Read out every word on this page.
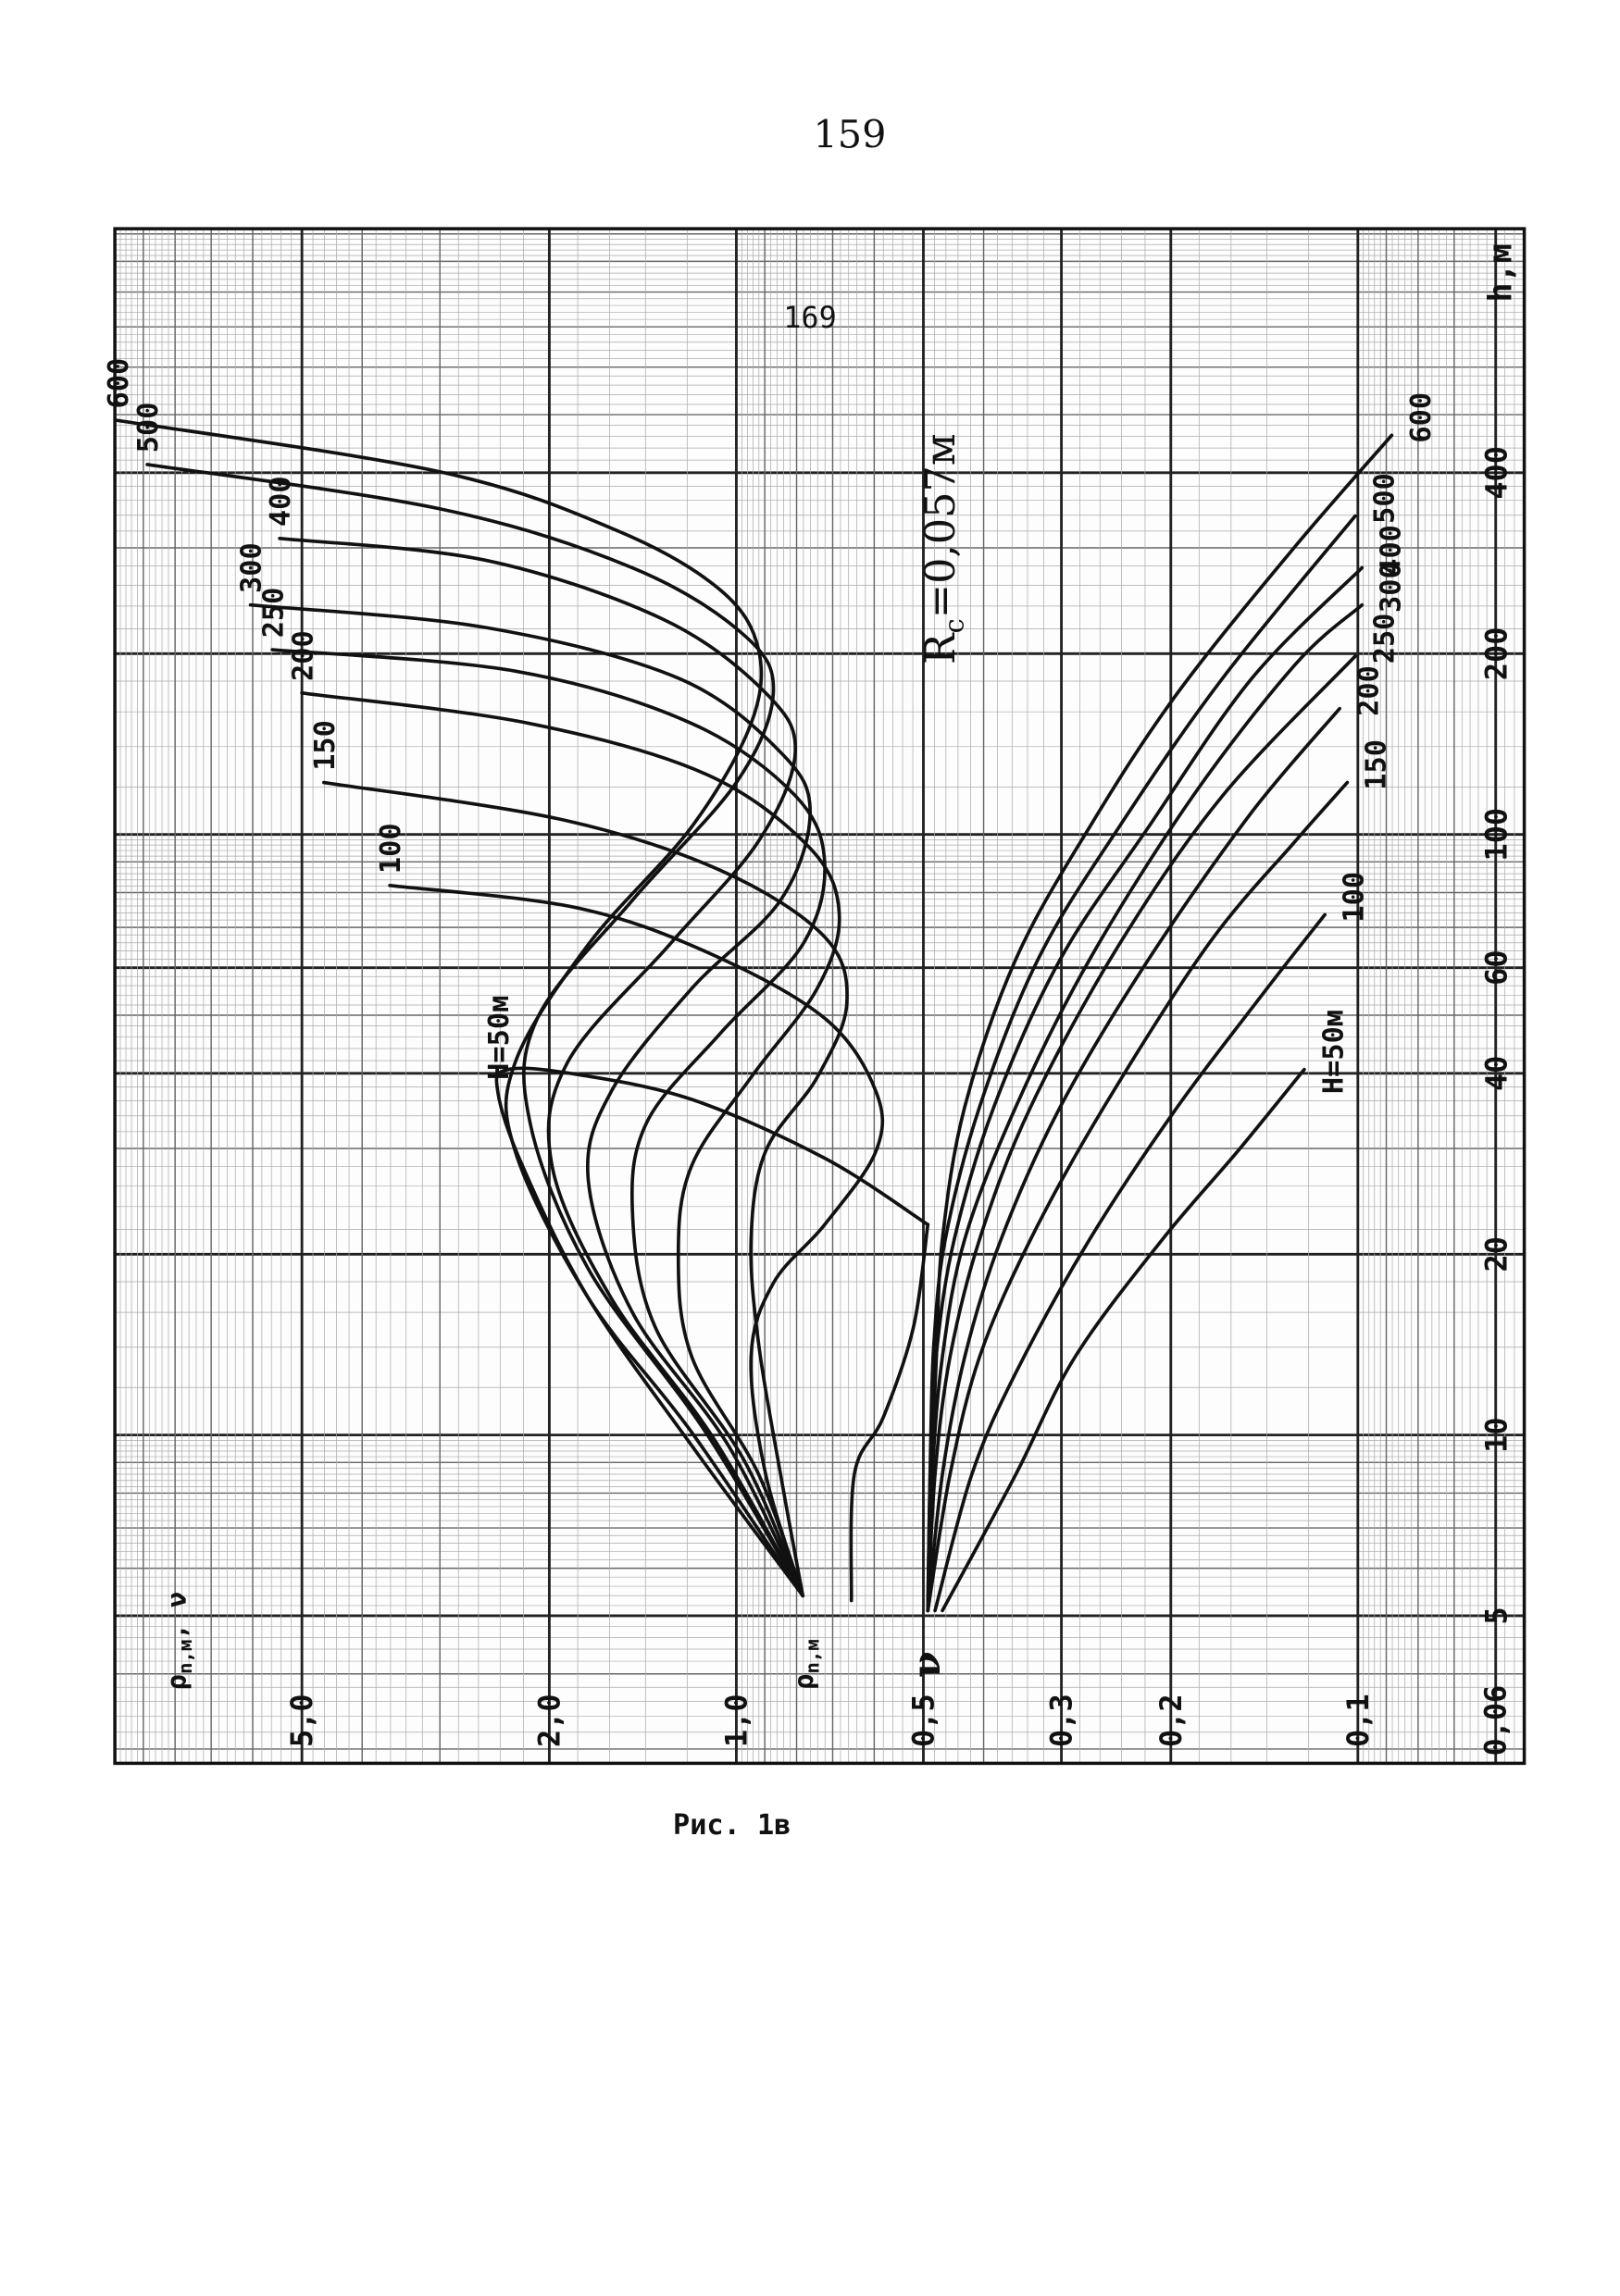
159
H=50м
100
150
200
250
300
400
500
600
H=50м
100
150
200
250
300
400
500
600
5
10
20
40
60
100
200
400
5,0	2,0	1,0	0,5	0,3	0,2	0,1	0,06
169
$R_c=0,057м$
$\rho_{n,м}$	ν
h,м
$\rho_{n,м}$, ν
Рис. 1в
